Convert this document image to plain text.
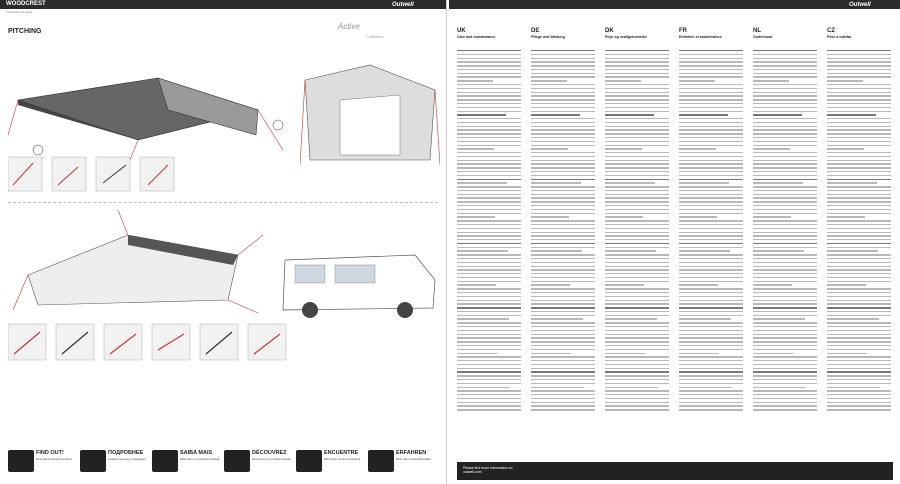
WOODCREST	Outwell
Instructions & setup
PITCHING
Active
Collection
FIND OUT!
More about Outwell products
ПОДРОБНЕЕ
Узнайте больше о продукции
SAIBA MAIS
Mais sobre os produtos Outwell
DÉCOUVREZ
Découvrez les produits Outwell
ENCUENTRE
Más sobre productos Outwell
ERFAHREN
Mehr über Outwell-Produkte
Outwell
UK
Care and maintenance
DE
Pflege und Wartung
DK
Pleje og vedligeholdelse
FR
Entretien et maintenance
NL
Onderhoud
CZ
Péče a údržba
Please find more information on outwell.com
